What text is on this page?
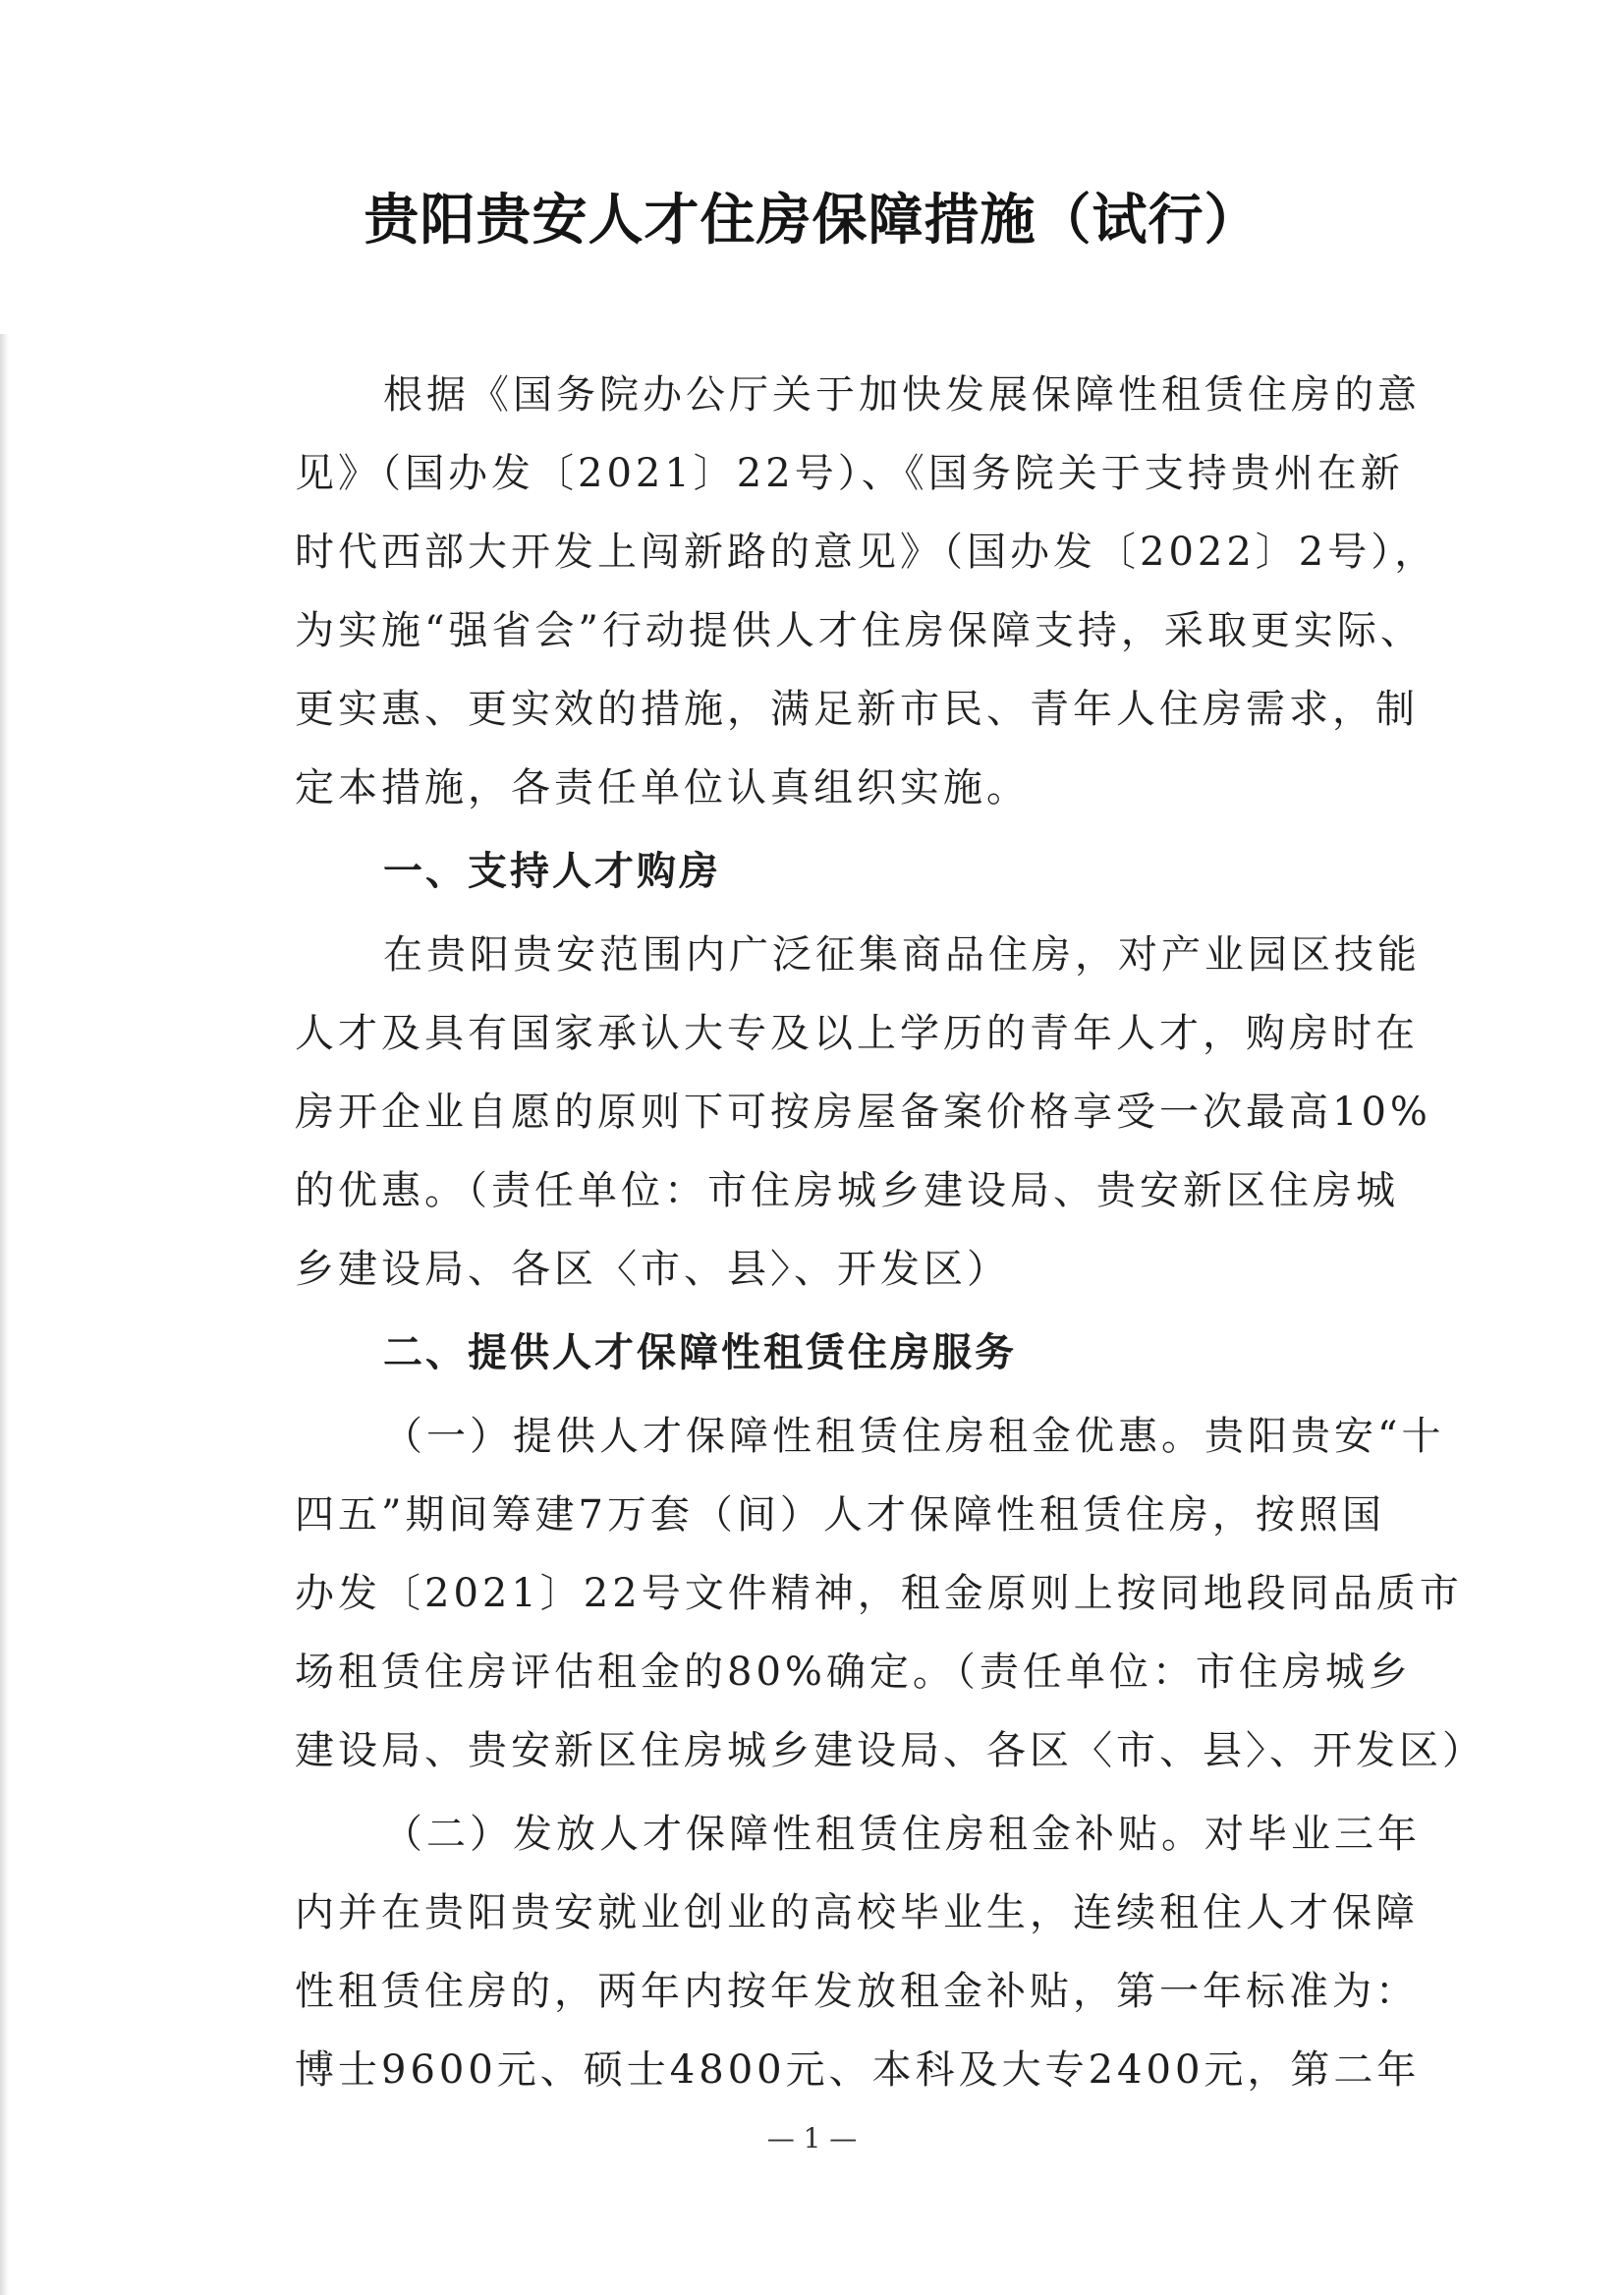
贵阳贵安人才住房保障措施（试行）
根据《国务院办公厅关于加快发展保障性租赁住房的意
见》（国办发〔2021〕22号）、《国务院关于支持贵州在新
时代西部大开发上闯新路的意见》（国办发〔2022〕2号），
为实施“强省会”行动提供人才住房保障支持，采取更实际、
更实惠、更实效的措施，满足新市民、青年人住房需求，制
定本措施，各责任单位认真组织实施。
一、支持人才购房
在贵阳贵安范围内广泛征集商品住房，对产业园区技能
人才及具有国家承认大专及以上学历的青年人才，购房时在
房开企业自愿的原则下可按房屋备案价格享受一次最高10%
的优惠。（责任单位：市住房城乡建设局、贵安新区住房城
乡建设局、各区〈市、县〉、开发区）
二、提供人才保障性租赁住房服务
（一）提供人才保障性租赁住房租金优惠。贵阳贵安“十
四五”期间筹建7万套（间）人才保障性租赁住房，按照国
办发〔2021〕22号文件精神，租金原则上按同地段同品质市
场租赁住房评估租金的80%确定。（责任单位：市住房城乡
建设局、贵安新区住房城乡建设局、各区〈市、县〉、开发区）
（二）发放人才保障性租赁住房租金补贴。对毕业三年
内并在贵阳贵安就业创业的高校毕业生，连续租住人才保障
性租赁住房的，两年内按年发放租金补贴，第一年标准为：
博士9600元、硕士4800元、本科及大专2400元，第二年
— 1 —
